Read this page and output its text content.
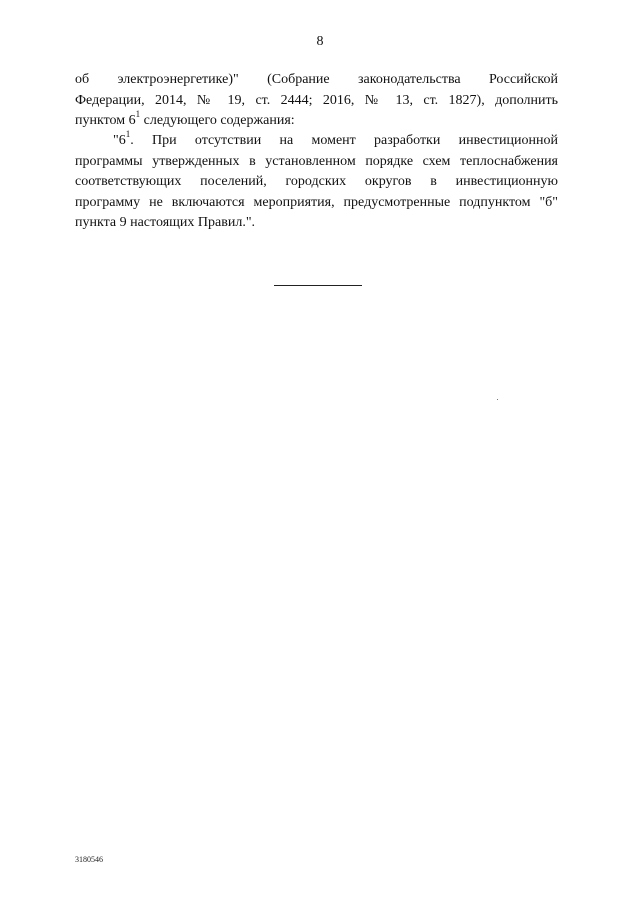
8
об электроэнергетике)" (Собрание законодательства Российской
Федерации, 2014, № 19, ст. 2444; 2016, № 13, ст. 1827), дополнить
пунктом $6^1$ следующего содержания:
"$6^1$. При отсутствии на момент разработки инвестиционной
программы утвержденных в установленном порядке схем теплоснабжения
соответствующих поселений, городских округов в инвестиционную
программу не включаются мероприятия, предусмотренные подпунктом "б"
пункта 9 настоящих Правил.".
3180546
